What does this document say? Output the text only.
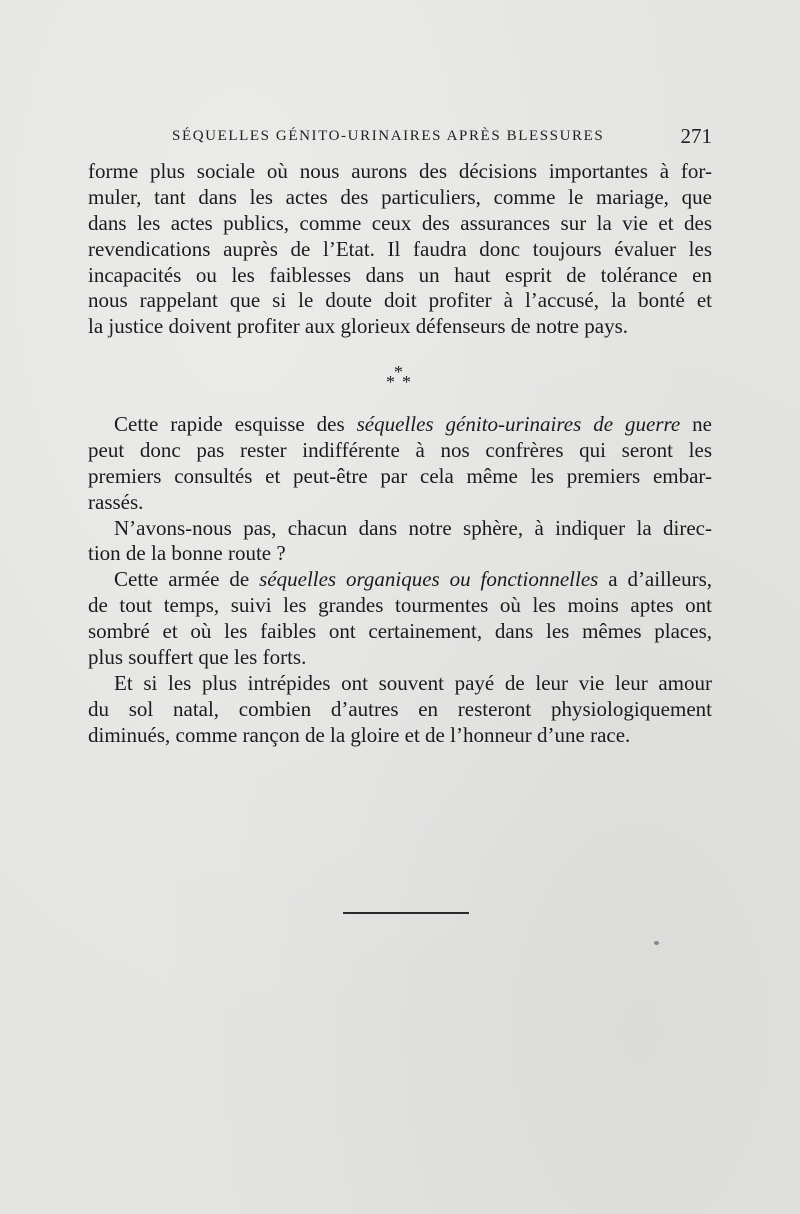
SÉQUELLES GÉNITO-URINAIRES APRÈS BLESSURES	271
forme plus sociale où nous aurons des décisions importantes à for-
muler, tant dans les actes des particuliers, comme le mariage, que
dans les actes publics, comme ceux des assurances sur la vie et des
revendications auprès de l’Etat. Il faudra donc toujours évaluer les
incapacités ou les faiblesses dans un haut esprit de tolérance en
nous rappelant que si le doute doit profiter à l’accusé, la bonté et
la justice doivent profiter aux glorieux défenseurs de notre pays.
*
* *
Cette rapide esquisse des séquelles génito-urinaires de guerre ne
peut donc pas rester indifférente à nos confrères qui seront les
premiers consultés et peut-être par cela même les premiers embar-
rassés.
N’avons-nous pas, chacun dans notre sphère, à indiquer la direc-
tion de la bonne route ?
Cette armée de séquelles organiques ou fonctionnelles a d’ailleurs,
de tout temps, suivi les grandes tourmentes où les moins aptes ont
sombré et où les faibles ont certainement, dans les mêmes places,
plus souffert que les forts.
Et si les plus intrépides ont souvent payé de leur vie leur amour
du sol natal, combien d’autres en resteront physiologiquement
diminués, comme rançon de la gloire et de l’honneur d’une race.
